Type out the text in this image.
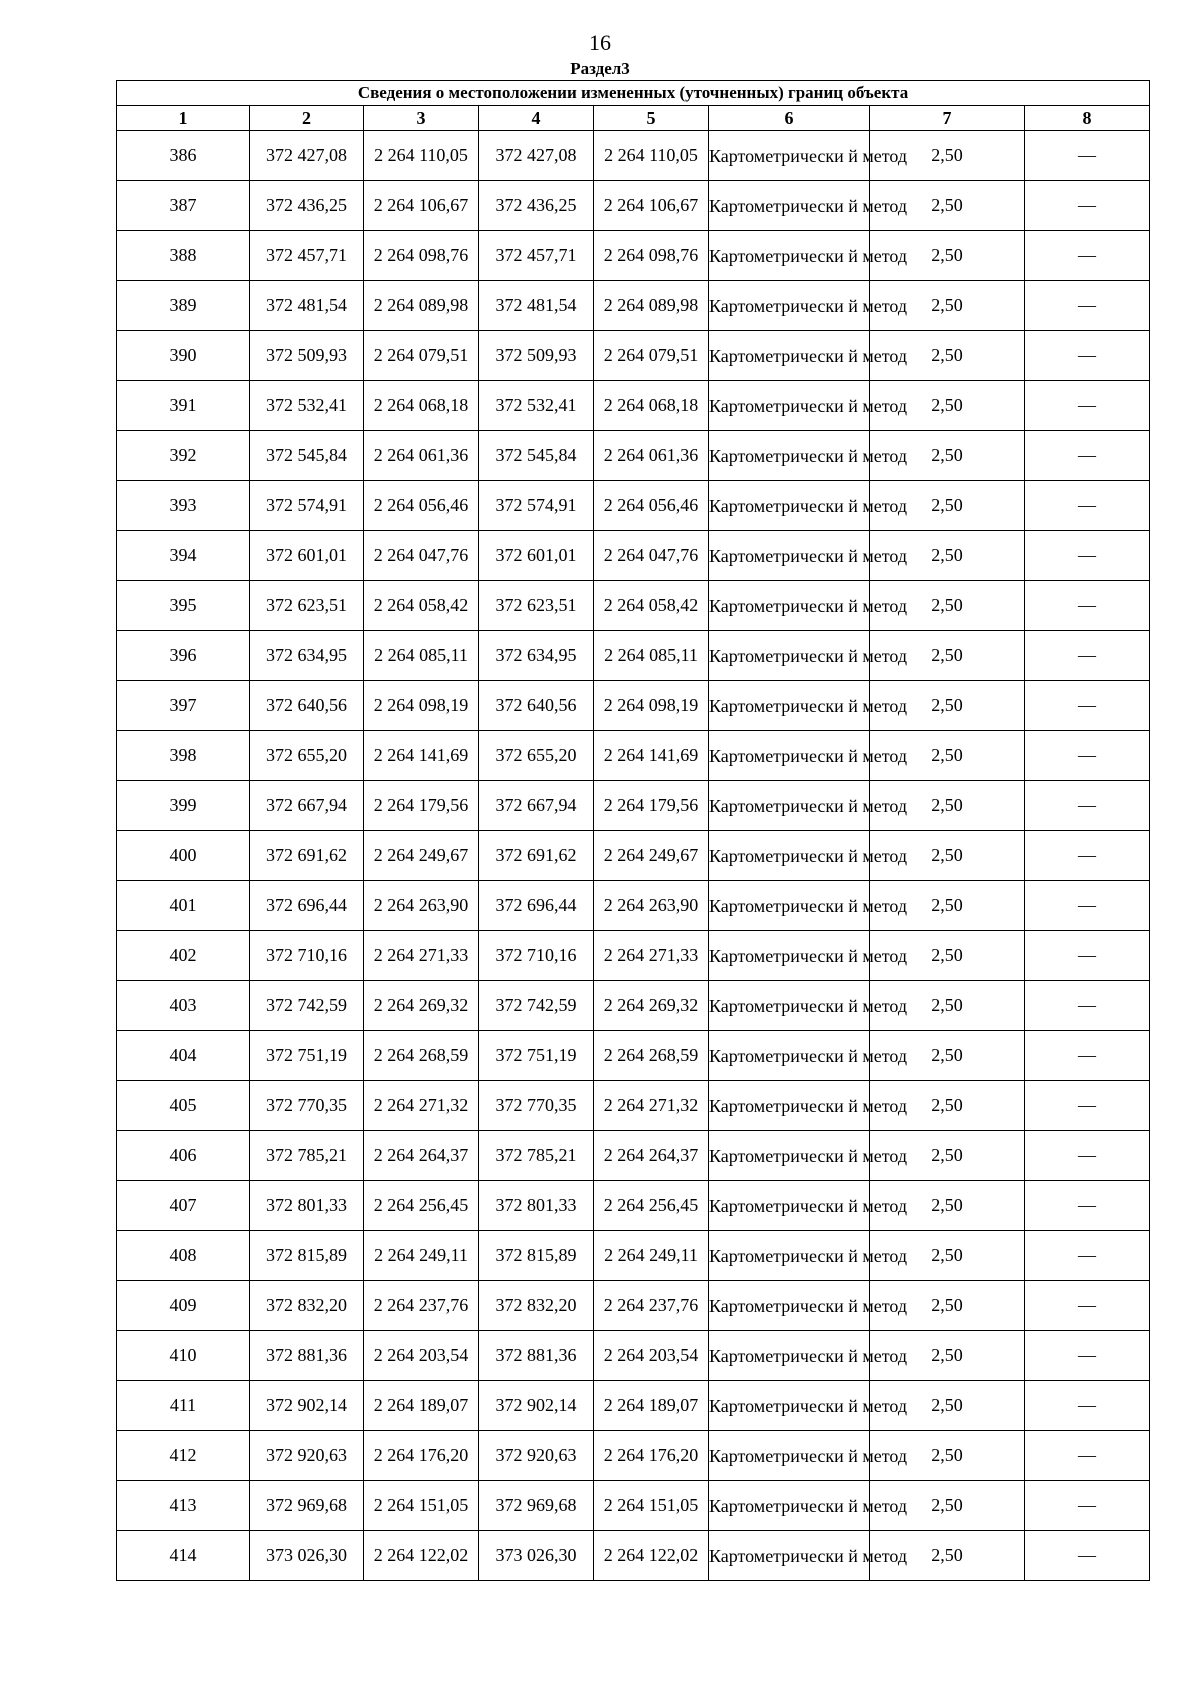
16
Раздел3
Сведения о местоположении измененных (уточненных) границ объекта							
1	2	3	4	5	6	7	8
386	372 427,08	2 264 110,05	372 427,08	2 264 110,05	Картометрически й метод	2,50	—
387	372 436,25	2 264 106,67	372 436,25	2 264 106,67	Картометрически й метод	2,50	—
388	372 457,71	2 264 098,76	372 457,71	2 264 098,76	Картометрически й метод	2,50	—
389	372 481,54	2 264 089,98	372 481,54	2 264 089,98	Картометрически й метод	2,50	—
390	372 509,93	2 264 079,51	372 509,93	2 264 079,51	Картометрически й метод	2,50	—
391	372 532,41	2 264 068,18	372 532,41	2 264 068,18	Картометрически й метод	2,50	—
392	372 545,84	2 264 061,36	372 545,84	2 264 061,36	Картометрически й метод	2,50	—
393	372 574,91	2 264 056,46	372 574,91	2 264 056,46	Картометрически й метод	2,50	—
394	372 601,01	2 264 047,76	372 601,01	2 264 047,76	Картометрически й метод	2,50	—
395	372 623,51	2 264 058,42	372 623,51	2 264 058,42	Картометрически й метод	2,50	—
396	372 634,95	2 264 085,11	372 634,95	2 264 085,11	Картометрически й метод	2,50	—
397	372 640,56	2 264 098,19	372 640,56	2 264 098,19	Картометрически й метод	2,50	—
398	372 655,20	2 264 141,69	372 655,20	2 264 141,69	Картометрически й метод	2,50	—
399	372 667,94	2 264 179,56	372 667,94	2 264 179,56	Картометрически й метод	2,50	—
400	372 691,62	2 264 249,67	372 691,62	2 264 249,67	Картометрически й метод	2,50	—
401	372 696,44	2 264 263,90	372 696,44	2 264 263,90	Картометрически й метод	2,50	—
402	372 710,16	2 264 271,33	372 710,16	2 264 271,33	Картометрически й метод	2,50	—
403	372 742,59	2 264 269,32	372 742,59	2 264 269,32	Картометрически й метод	2,50	—
404	372 751,19	2 264 268,59	372 751,19	2 264 268,59	Картометрически й метод	2,50	—
405	372 770,35	2 264 271,32	372 770,35	2 264 271,32	Картометрически й метод	2,50	—
406	372 785,21	2 264 264,37	372 785,21	2 264 264,37	Картометрически й метод	2,50	—
407	372 801,33	2 264 256,45	372 801,33	2 264 256,45	Картометрически й метод	2,50	—
408	372 815,89	2 264 249,11	372 815,89	2 264 249,11	Картометрически й метод	2,50	—
409	372 832,20	2 264 237,76	372 832,20	2 264 237,76	Картометрически й метод	2,50	—
410	372 881,36	2 264 203,54	372 881,36	2 264 203,54	Картометрически й метод	2,50	—
411	372 902,14	2 264 189,07	372 902,14	2 264 189,07	Картометрически й метод	2,50	—
412	372 920,63	2 264 176,20	372 920,63	2 264 176,20	Картометрически й метод	2,50	—
413	372 969,68	2 264 151,05	372 969,68	2 264 151,05	Картометрически й метод	2,50	—
414	373 026,30	2 264 122,02	373 026,30	2 264 122,02	Картометрически й метод	2,50	—
